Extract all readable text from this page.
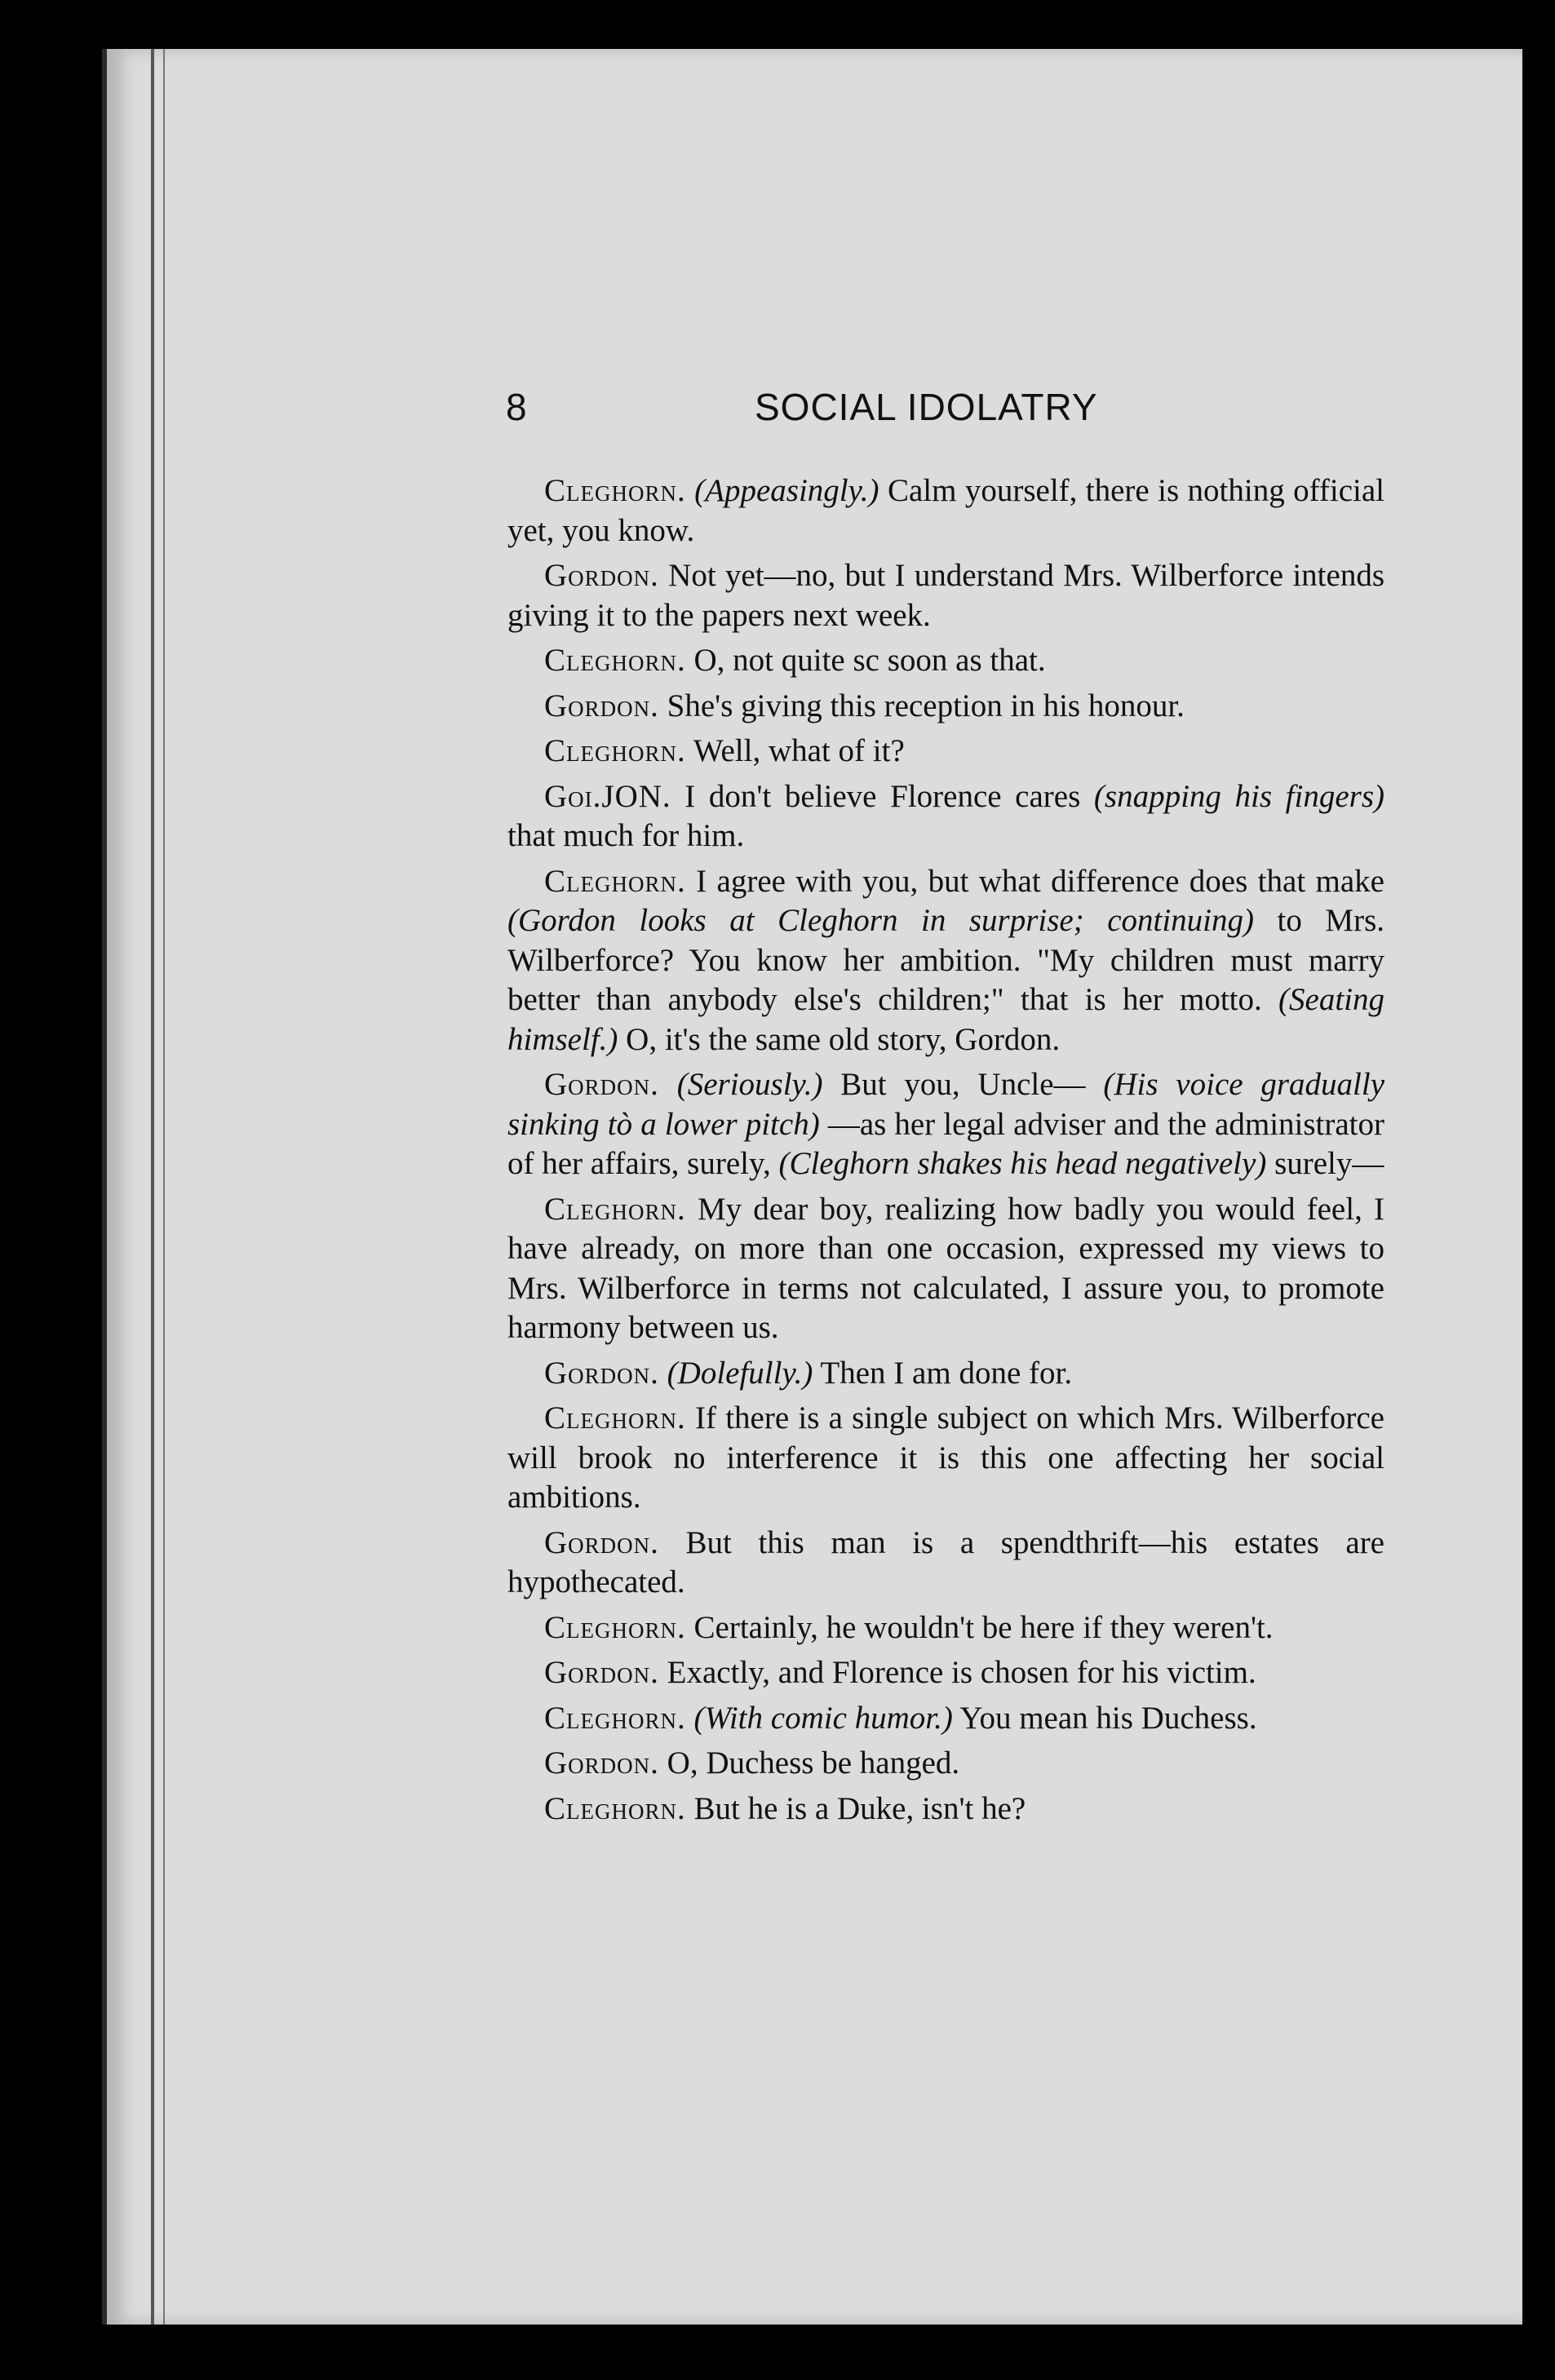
8	SOCIAL IDOLATRY

Cleghorn. (Appeasingly.) Calm yourself, there is nothing official yet, you know.

Gordon. Not yet—no, but I understand Mrs. Wilberforce intends giving it to the papers next week.

Cleghorn. O, not quite sc soon as that.

Gordon. She's giving this reception in his honour.

Cleghorn. Well, what of it?

Goi.JON. I don't believe Florence cares (snapping his fingers) that much for him.

Cleghorn. I agree with you, but what difference does that make (Gordon looks at Cleghorn in surprise; continuing) to Mrs. Wilberforce? You know her ambition. "My children must marry better than anybody else's children;" that is her motto. (Seating himself.) O, it's the same old story, Gordon.

Gordon. (Seriously.) But you, Uncle— (His voice gradually sinking tò a lower pitch) —as her legal adviser and the administrator of her affairs, surely, (Cleghorn shakes his head negatively) surely—

Cleghorn. My dear boy, realizing how badly you would feel, I have already, on more than one occasion, expressed my views to Mrs. Wilberforce in terms not calculated, I assure you, to promote harmony between us.

Gordon. (Dolefully.) Then I am done for.

Cleghorn. If there is a single subject on which Mrs. Wilberforce will brook no interference it is this one affecting her social ambitions.

Gordon. But this man is a spendthrift—his estates are hypothecated.

Cleghorn. Certainly, he wouldn't be here if they weren't.

Gordon. Exactly, and Florence is chosen for his victim.

Cleghorn. (With comic humor.) You mean his Duchess.

Gordon. O, Duchess be hanged.

Cleghorn. But he is a Duke, isn't he?
